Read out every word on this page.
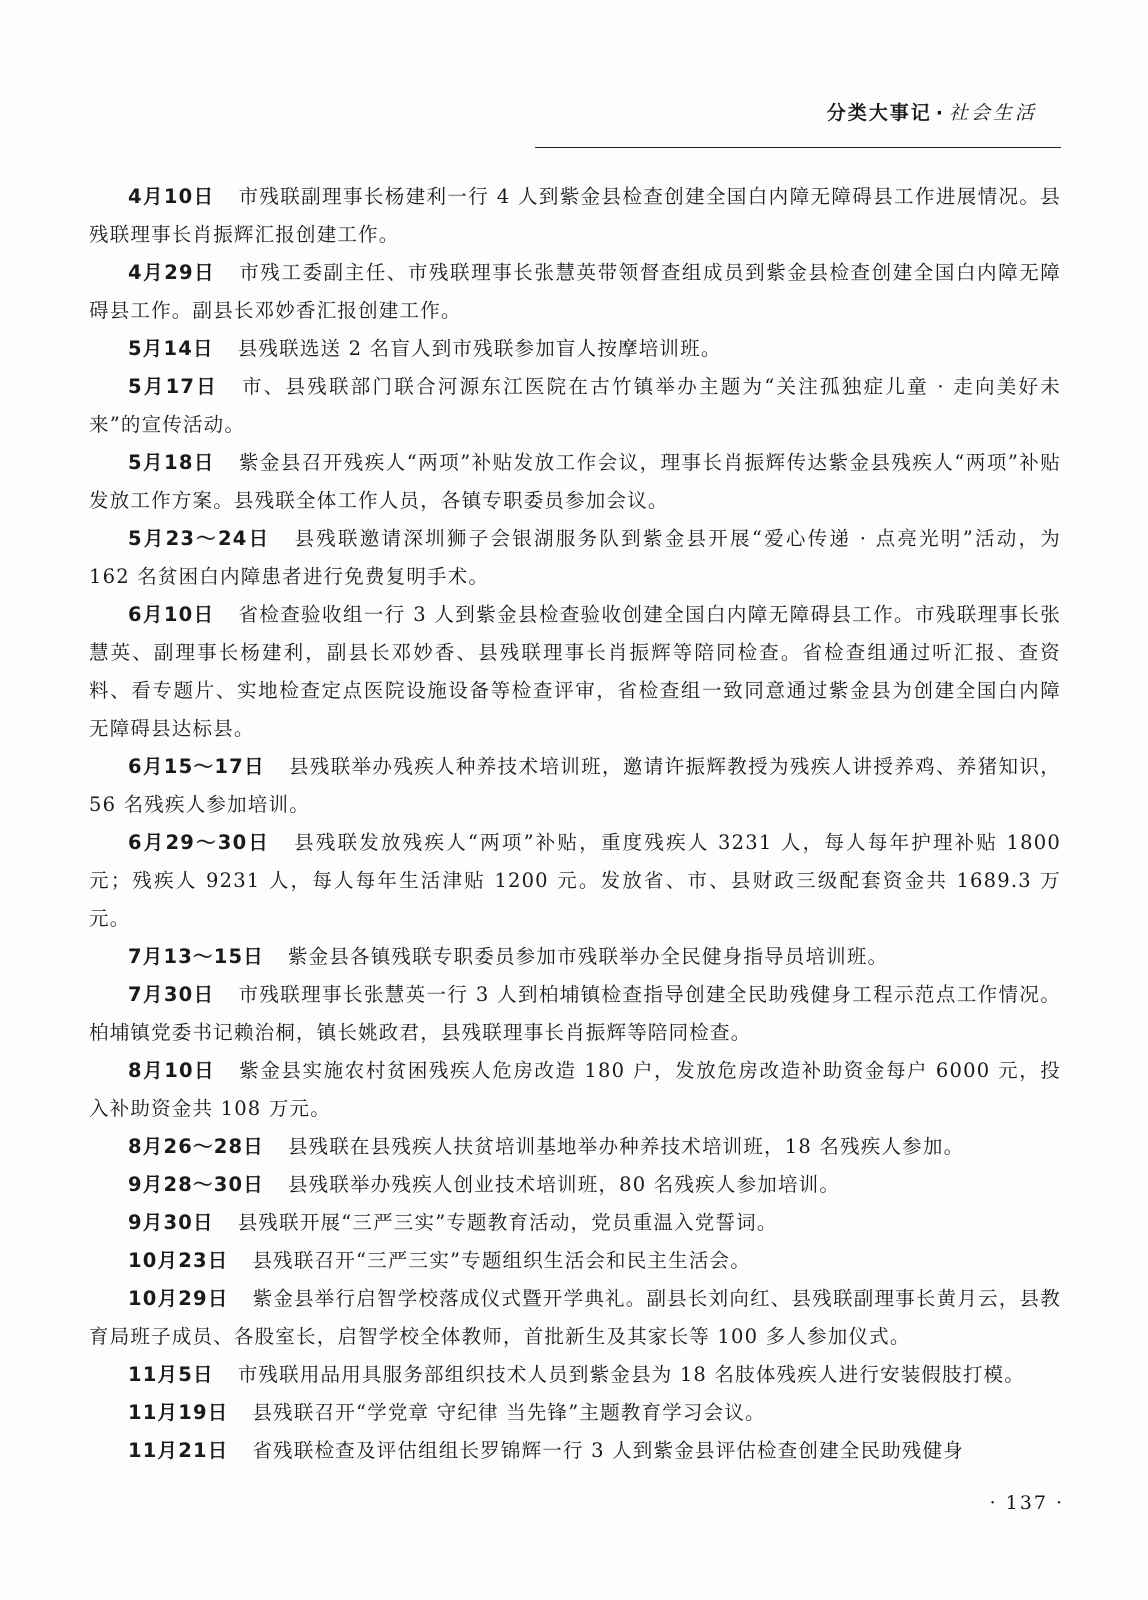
分类大事记 · 社会生活

4月10日 市残联副理事长杨建利一行 4 人到紫金县检查创建全国白内障无障碍县工作进展情况。县残联理事长肖振辉汇报创建工作。

4月29日 市残工委副主任、市残联理事长张慧英带领督查组成员到紫金县检查创建全国白内障无障碍县工作。副县长邓妙香汇报创建工作。

5月14日 县残联选送 2 名盲人到市残联参加盲人按摩培训班。

5月17日 市、县残联部门联合河源东江医院在古竹镇举办主题为“关注孤独症儿童 · 走向美好未来”的宣传活动。

5月18日 紫金县召开残疾人“两项”补贴发放工作会议，理事长肖振辉传达紫金县残疾人“两项”补贴发放工作方案。县残联全体工作人员，各镇专职委员参加会议。

5月23～24日 县残联邀请深圳狮子会银湖服务队到紫金县开展“爱心传递 · 点亮光明”活动，为 162 名贫困白内障患者进行免费复明手术。

6月10日 省检查验收组一行 3 人到紫金县检查验收创建全国白内障无障碍县工作。市残联理事长张慧英、副理事长杨建利，副县长邓妙香、县残联理事长肖振辉等陪同检查。省检查组通过听汇报、查资料、看专题片、实地检查定点医院设施设备等检查评审，省检查组一致同意通过紫金县为创建全国白内障无障碍县达标县。

6月15～17日 县残联举办残疾人种养技术培训班，邀请许振辉教授为残疾人讲授养鸡、养猪知识，56 名残疾人参加培训。

6月29～30日 县残联发放残疾人“两项”补贴，重度残疾人 3231 人，每人每年护理补贴 1800 元；残疾人 9231 人，每人每年生活津贴 1200 元。发放省、市、县财政三级配套资金共 1689.3 万元。

7月13～15日 紫金县各镇残联专职委员参加市残联举办全民健身指导员培训班。

7月30日 市残联理事长张慧英一行 3 人到柏埔镇检查指导创建全民助残健身工程示范点工作情况。柏埔镇党委书记赖治桐，镇长姚政君，县残联理事长肖振辉等陪同检查。

8月10日 紫金县实施农村贫困残疾人危房改造 180 户，发放危房改造补助资金每户 6000 元，投入补助资金共 108 万元。

8月26～28日 县残联在县残疾人扶贫培训基地举办种养技术培训班，18 名残疾人参加。

9月28～30日 县残联举办残疾人创业技术培训班，80 名残疾人参加培训。

9月30日 县残联开展“三严三实”专题教育活动，党员重温入党誓词。

10月23日 县残联召开“三严三实”专题组织生活会和民主生活会。

10月29日 紫金县举行启智学校落成仪式暨开学典礼。副县长刘向红、县残联副理事长黄月云，县教育局班子成员、各股室长，启智学校全体教师，首批新生及其家长等 100 多人参加仪式。

11月5日 市残联用品用具服务部组织技术人员到紫金县为 18 名肢体残疾人进行安装假肢打模。

11月19日 县残联召开“学党章 守纪律 当先锋”主题教育学习会议。

11月21日 省残联检查及评估组组长罗锦辉一行 3 人到紫金县评估检查创建全民助残健身

· 137 ·
